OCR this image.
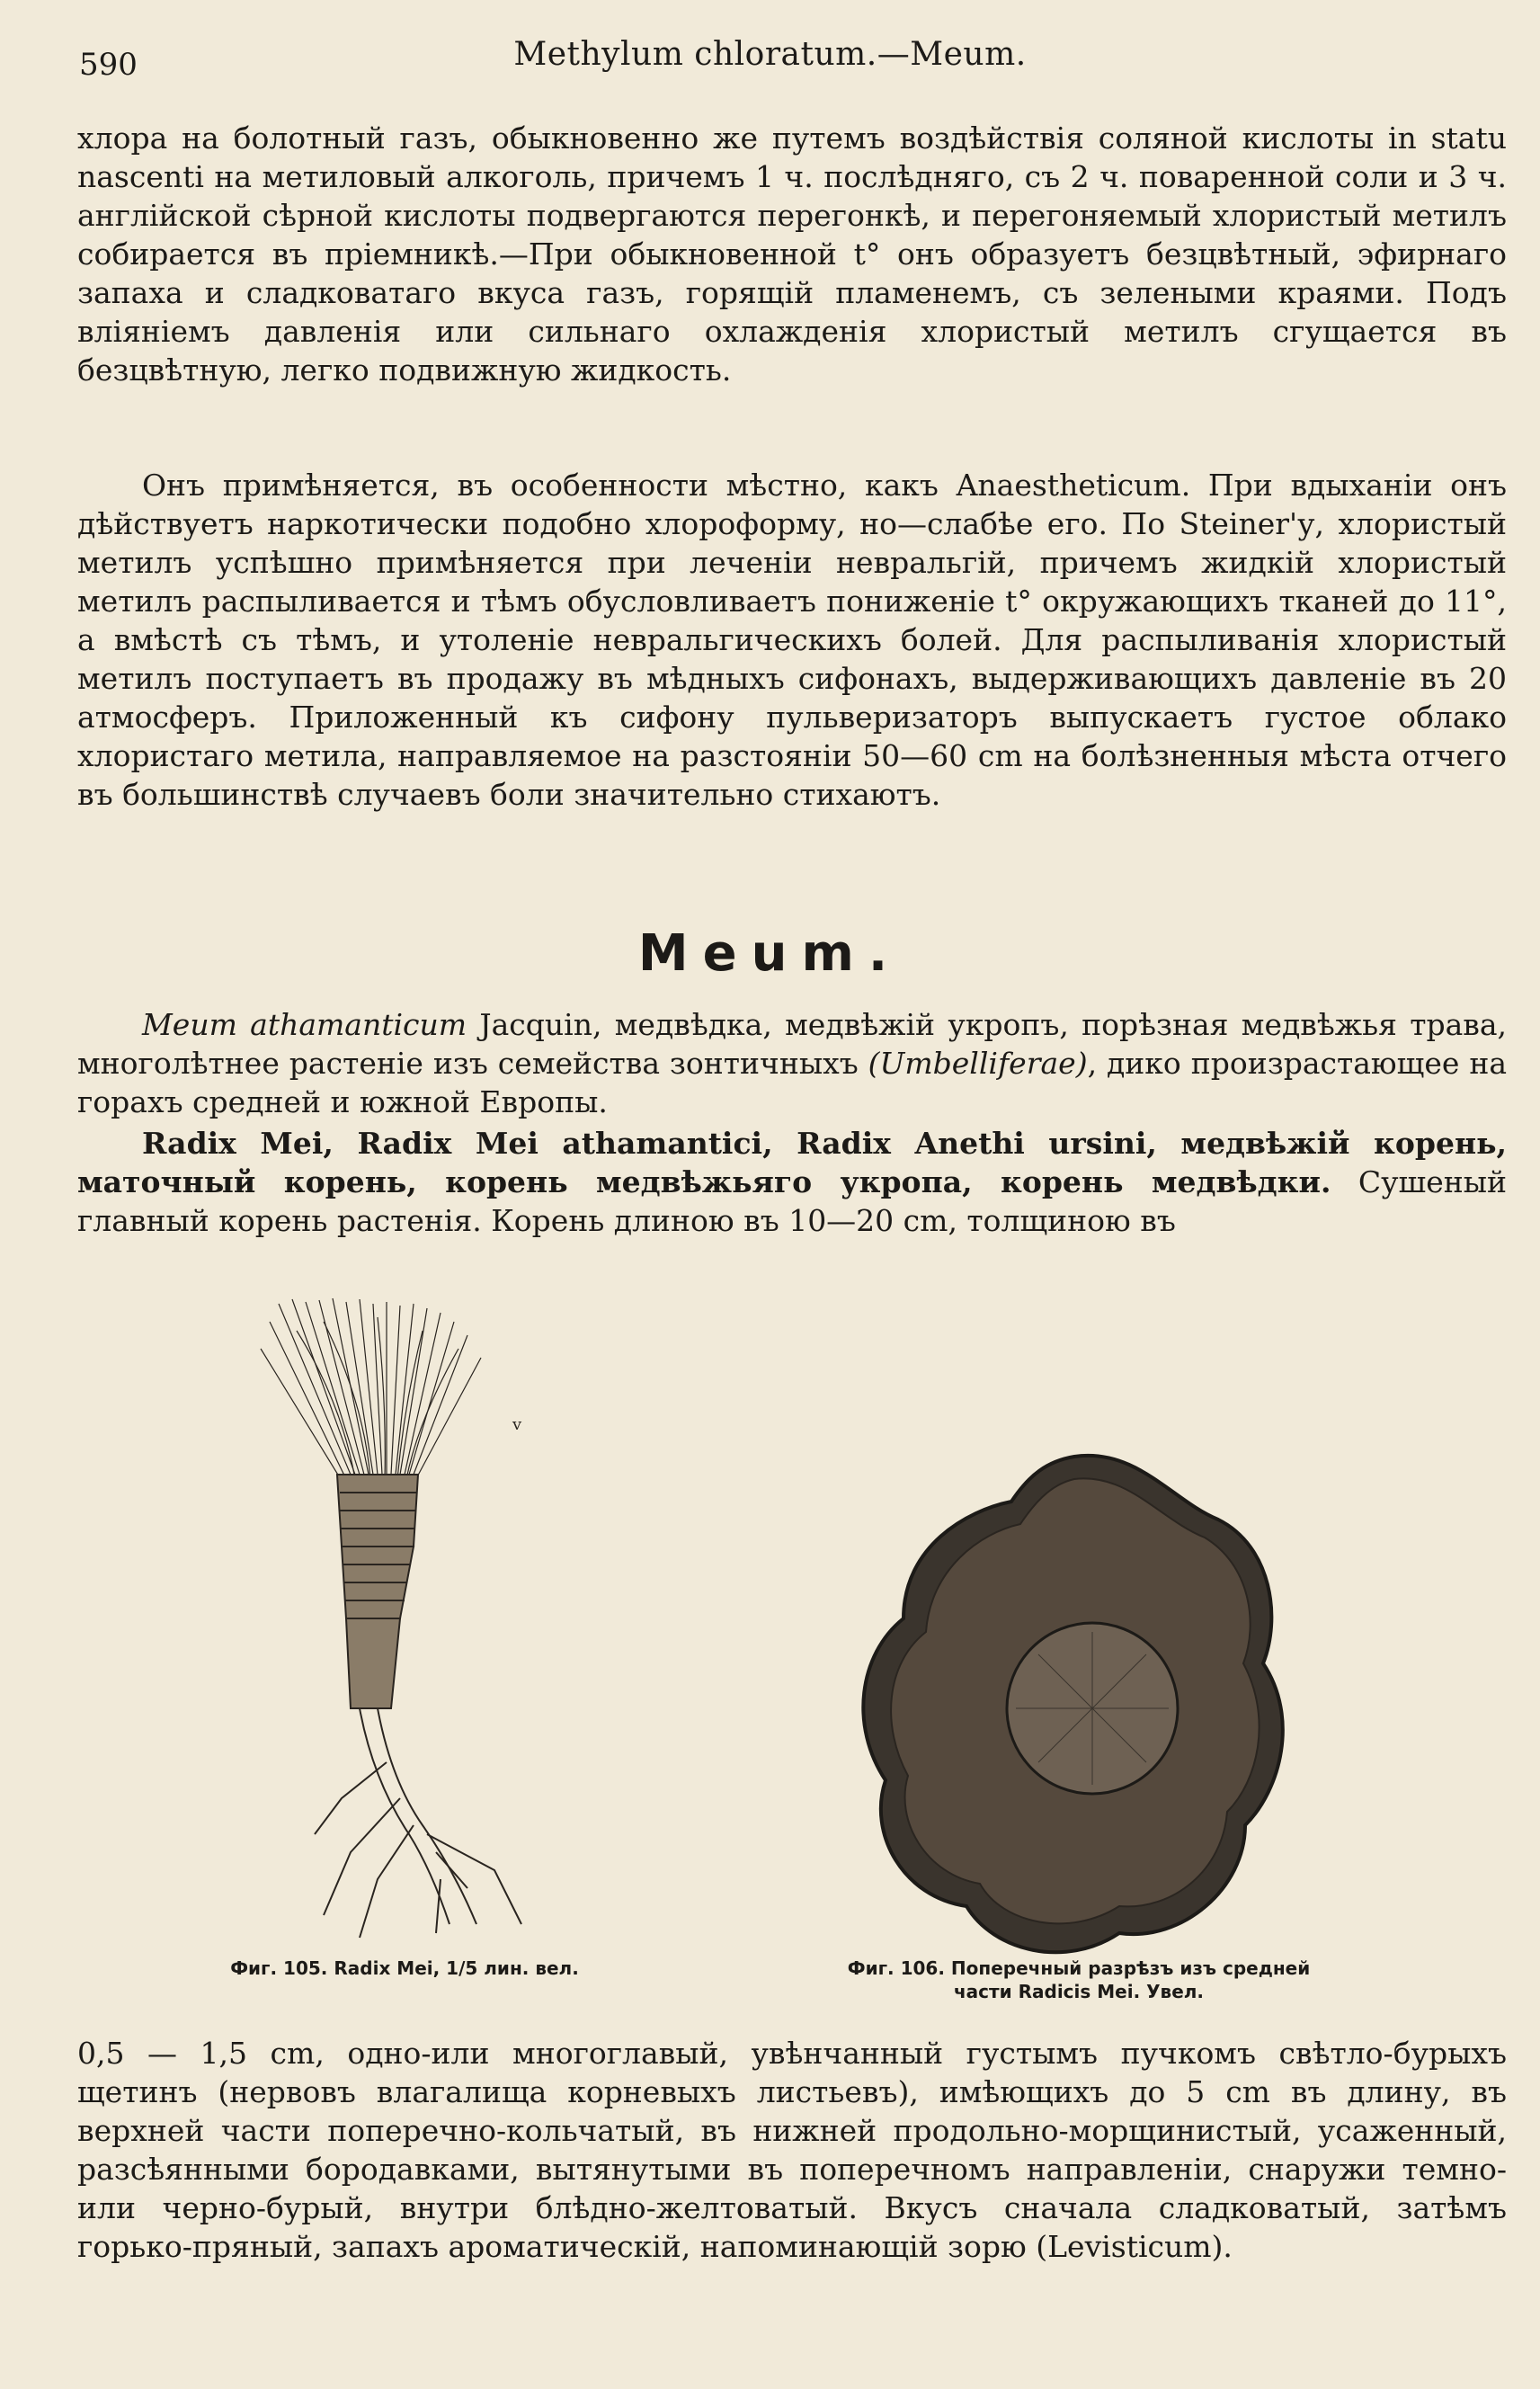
590	Methylum chloratum.—Meum.

хлора на болотный газъ, обыкновенно же путемъ воздѣйствія соляной кислоты in statu nascenti на метиловый алкоголь, причемъ 1 ч. послѣдняго, съ 2 ч. поваренной соли и 3 ч. англійской сѣрной кислоты подвергаются перегонкѣ, и перегоняемый хлористый метилъ собирается въ пріемникѣ.—При обыкновенной t° онъ образуетъ безцвѣтный, эфирнаго запаха и сладковатаго вкуса газъ, горящій пламенемъ, съ зелеными краями. Подъ вліяніемъ давленія или сильнаго охлажденія хлористый метилъ сгущается въ безцвѣтную, легко подвижную жидкость.

Онъ примѣняется, въ особенности мѣстно, какъ Anaestheticum. При вдыханіи онъ дѣйствуетъ наркотически подобно хлороформу, но—слабѣе его. По Steiner'у, хлористый метилъ успѣшно примѣняется при леченіи невральгій, причемъ жидкій хлористый метилъ распыливается и тѣмъ обусловливаетъ пониженіе t° окружающихъ тканей до 11°, а вмѣстѣ съ тѣмъ, и утоленіе невральгическихъ болей. Для распыливанія хлористый метилъ поступаетъ въ продажу въ мѣдныхъ сифонахъ, выдерживающихъ давленіе въ 20 атмосферъ. Приложенный къ сифону пульверизаторъ выпускаетъ густое облако хлористаго метила, направляемое на разстояніи 50—60 cm на болѣзненныя мѣста отчего въ большинствѣ случаевъ боли значительно стихаютъ.

Meum.

Meum athamanticum Jacquin, медвѣдка, медвѣжій укропъ, порѣзная медвѣжья трава, многолѣтнее растеніе изъ семейства зонтичныхъ (Umbelliferae), дико произрастающее на горахъ средней и южной Европы.

Radix Mei, Radix Mei athamantici, Radix Anethi ursini, медвѣжій корень, маточный корень, корень медвѣжьяго укропа, корень медвѣдки. Сушеный главный корень растенія. Корень длиною въ 10—20 cm, толщиною въ

v
Фиг. 105. Radix Mei, 1/5 лин. вел.	Фиг. 106. Поперечный разрѣзъ изъ средней части Radicis Mei. Увел.

0,5 — 1,5 cm, одно-или многоглавый, увѣнчанный густымъ пучкомъ свѣтло-бурыхъ щетинъ (нервовъ влагалища корневыхъ листьевъ), имѣющихъ до 5 cm въ длину, въ верхней части поперечно-кольчатый, въ нижней продольно-морщинистый, усаженный, разсѣянными бородавками, вытянутыми въ поперечномъ направленіи, снаружи темно-или черно-бурый, внутри блѣдно-желтоватый. Вкусъ сначала сладковатый, затѣмъ горько-пряный, запахъ ароматическій, напоминающій зорю (Levisticum).
